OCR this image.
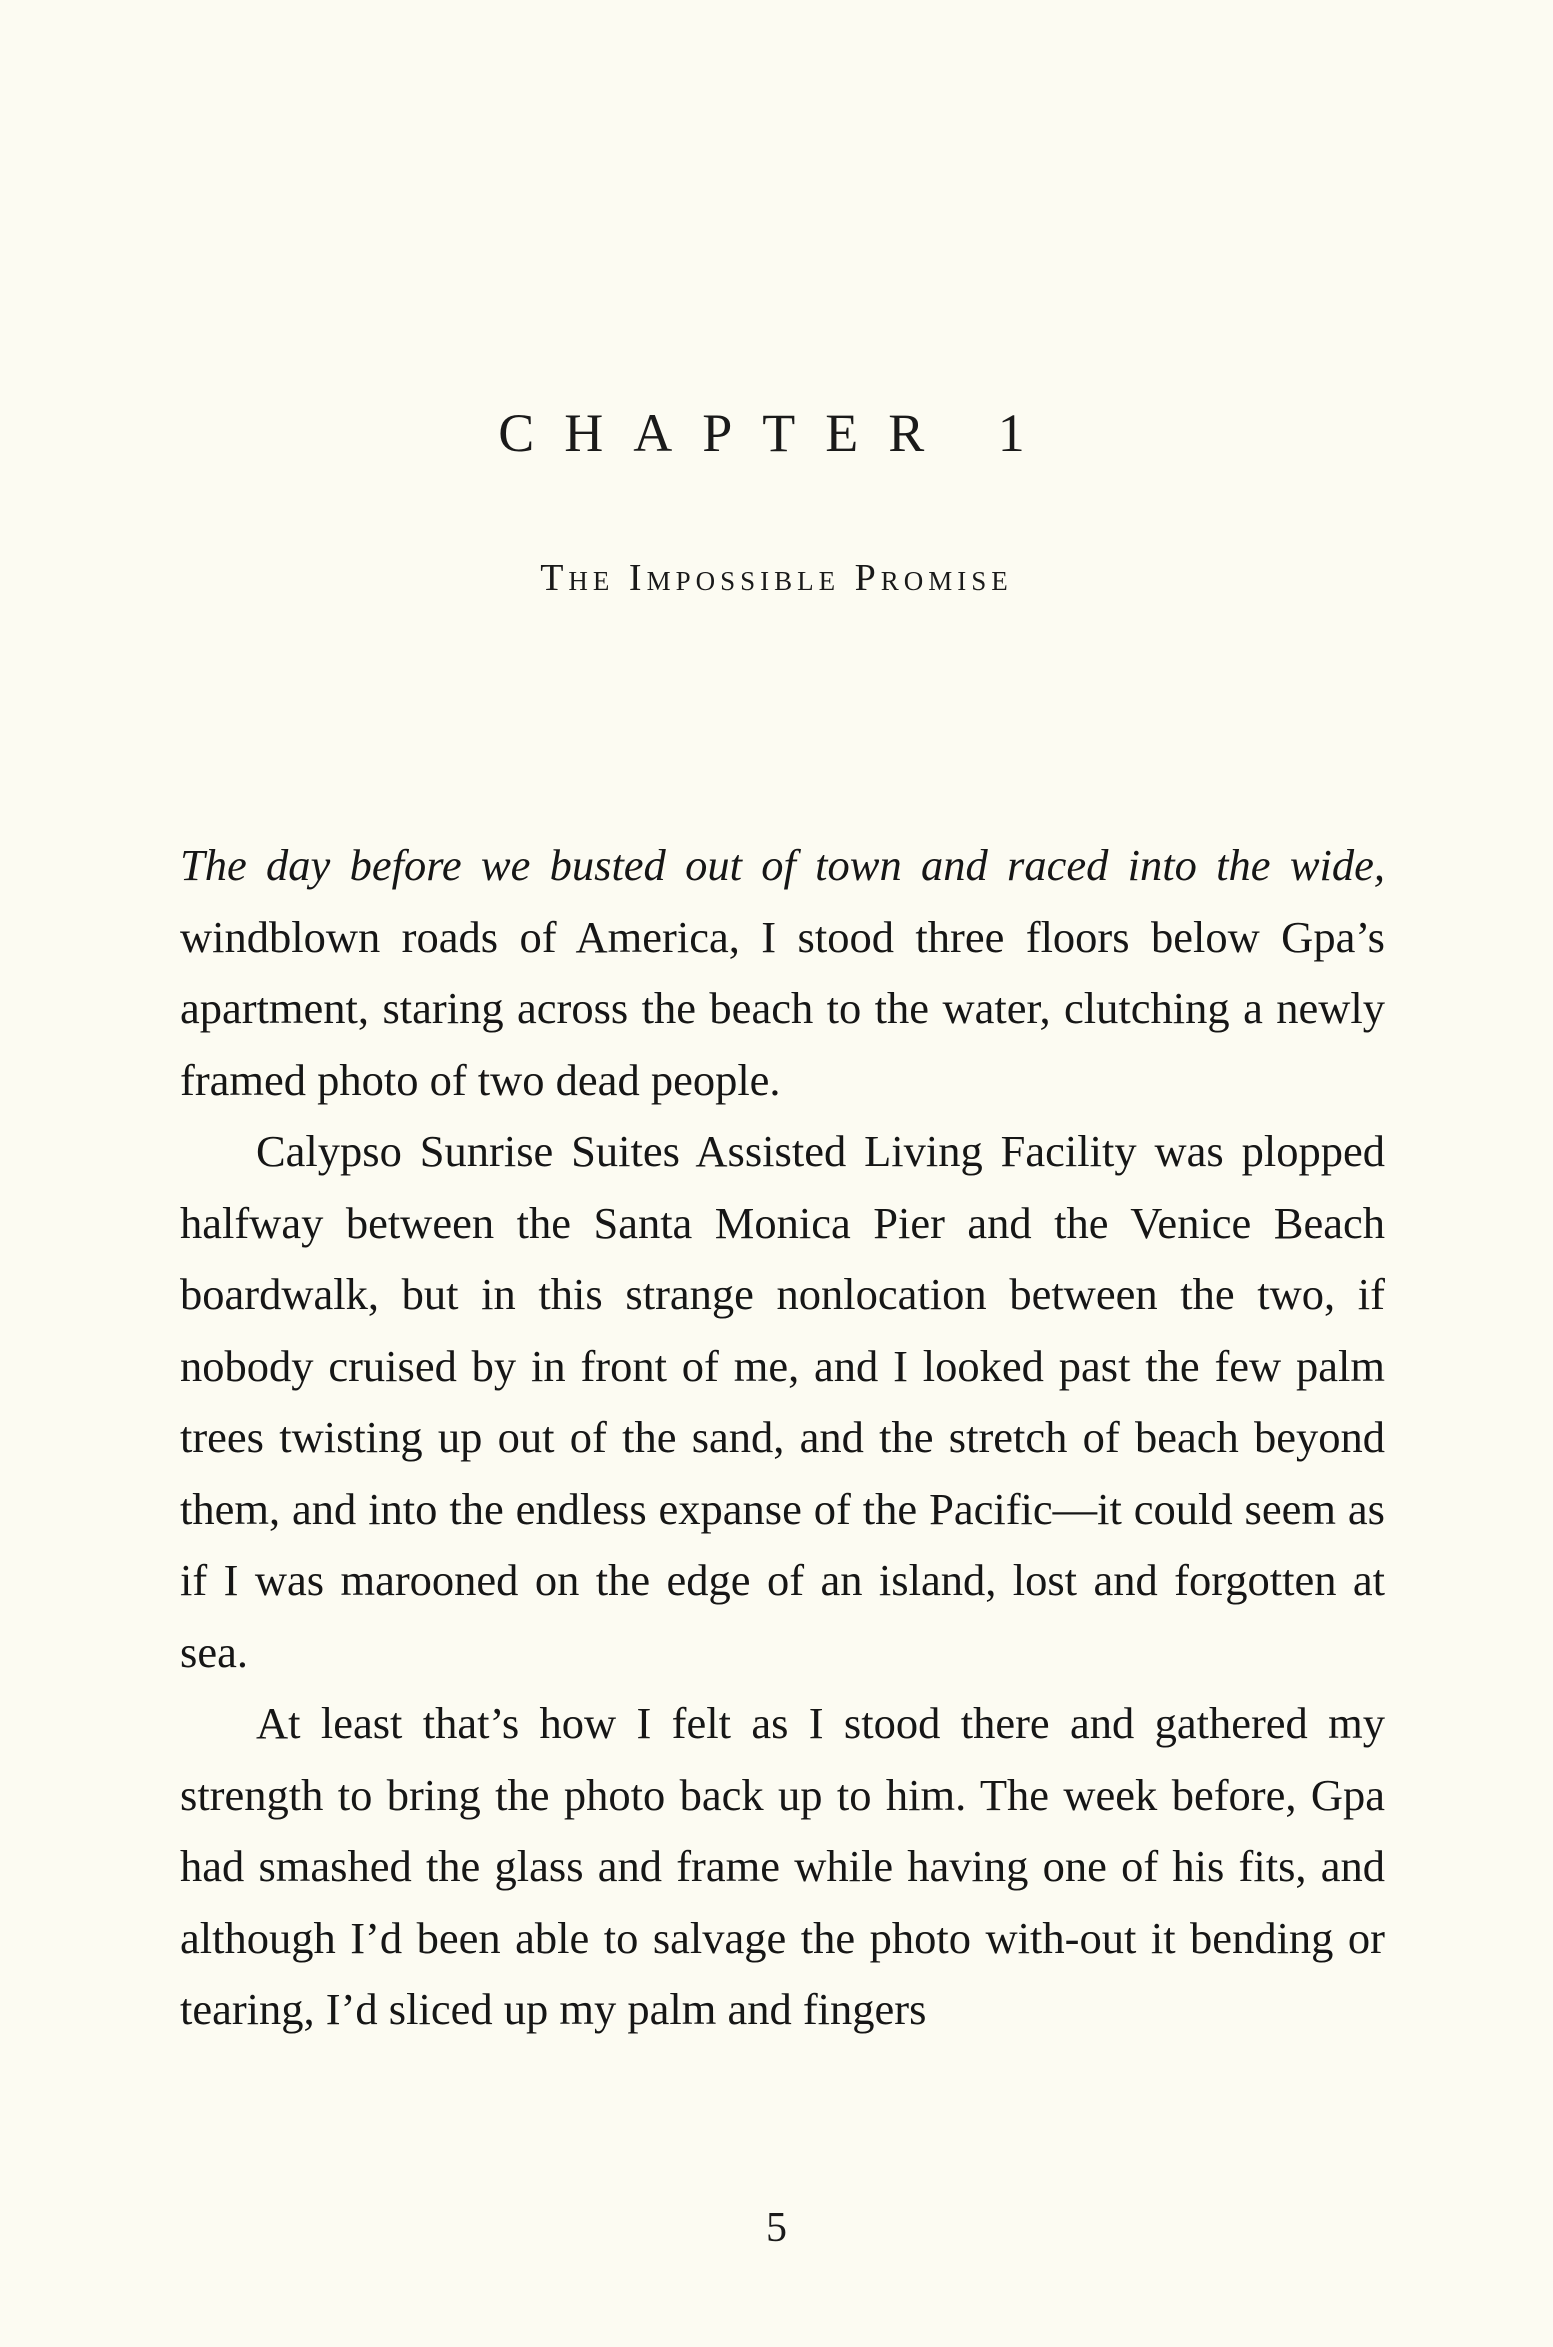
CHAPTER 1
The Impossible Promise

The day before we busted out of town and raced into the wide, windblown roads of America, I stood three floors below Gpa’s apartment, staring across the beach to the water, clutching a newly framed photo of two dead people.

Calypso Sunrise Suites Assisted Living Facility was plopped halfway between the Santa Monica Pier and the Venice Beach boardwalk, but in this strange nonlocation between the two, if nobody cruised by in front of me, and I looked past the few palm trees twisting up out of the sand, and the stretch of beach beyond them, and into the endless expanse of the Pacific—it could seem as if I was marooned on the edge of an island, lost and forgotten at sea.

At least that’s how I felt as I stood there and gathered my strength to bring the photo back up to him. The week before, Gpa had smashed the glass and frame while having one of his fits, and although I’d been able to salvage the photo with-out it bending or tearing, I’d sliced up my palm and fingers

5
